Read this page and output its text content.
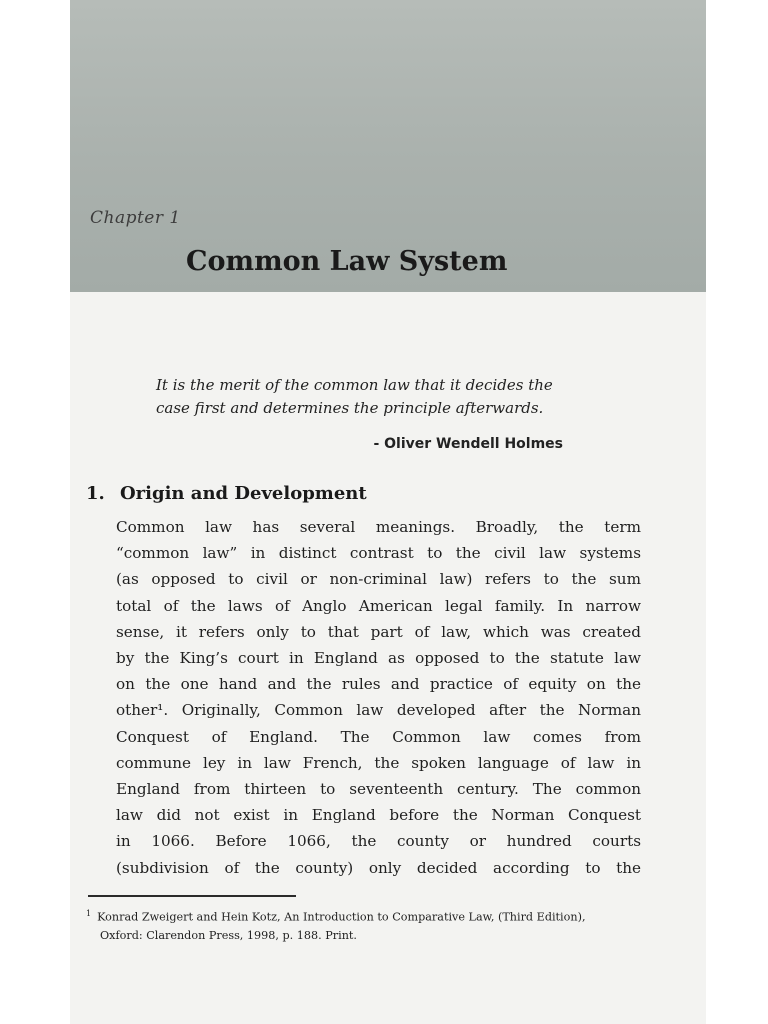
Chapter 1
Common Law System
It is the merit of the common law that it decides the
case first and determines the principle afterwards.
- Oliver Wendell Holmes
1. Origin and Development
Common law has several meanings. Broadly, the term
“common law” in distinct contrast to the civil law systems
(as opposed to civil or non-criminal law) refers to the sum
total of the laws of Anglo American legal family. In narrow
sense, it refers only to that part of law, which was created
by the King’s court in England as opposed to the statute law
on the one hand and the rules and practice of equity on the
other¹. Originally, Common law developed after the Norman
Conquest of England. The Common law comes from
commune ley in law French, the spoken language of law in
England from thirteen to seventeenth century. The common
law did not exist in England before the Norman Conquest
in 1066. Before 1066, the county or hundred courts
(subdivision of the county) only decided according to the
$^1$ Konrad Zweigert and Hein Kotz, An Introduction to Comparative Law, (Third Edition),
Oxford: Clarendon Press, 1998, p. 188. Print.
